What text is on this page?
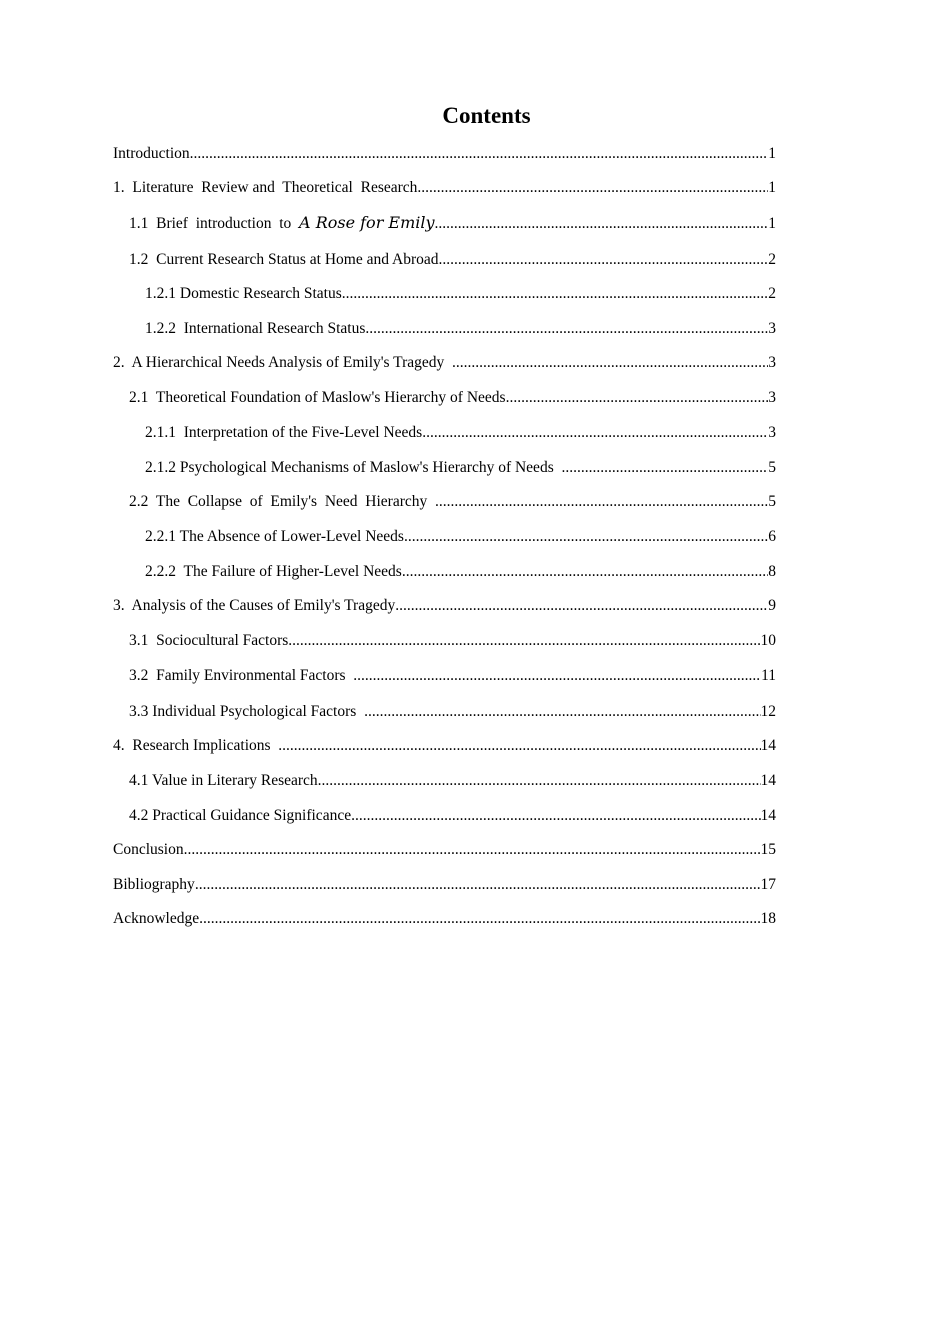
Contents
Introduction .....	1
1.  Literature  Review and  Theoretical  Research .....	1
1.1  Brief  introduction  to  A Rose for Emily .....	1
1.2  Current Research Status at Home and Abroad .....	2
1.2.1 Domestic Research Status .....	2
1.2.2  International Research Status .....	3
2.  A Hierarchical Needs Analysis of Emily's Tragedy .....	3
2.1  Theoretical Foundation of Maslow's Hierarchy of Needs .....	3
2.1.1  Interpretation of the Five-Level Needs .....	3
2.1.2 Psychological Mechanisms of Maslow's Hierarchy of Needs .....	5
2.2  The  Collapse  of  Emily's  Need  Hierarchy .....	5
2.2.1 The Absence of Lower-Level Needs .....	6
2.2.2  The Failure of Higher-Level Needs .....	8
3.  Analysis of the Causes of Emily's Tragedy .....	9
3.1  Sociocultural Factors .....	10
3.2  Family Environmental Factors .....	11
3.3 Individual Psychological Factors .....	12
4.  Research Implications .....	14
4.1 Value in Literary Research .....	14
4.2 Practical Guidance Significance .....	14
Conclusion .....	15
Bibliography .....	17
Acknowledge .....	18
